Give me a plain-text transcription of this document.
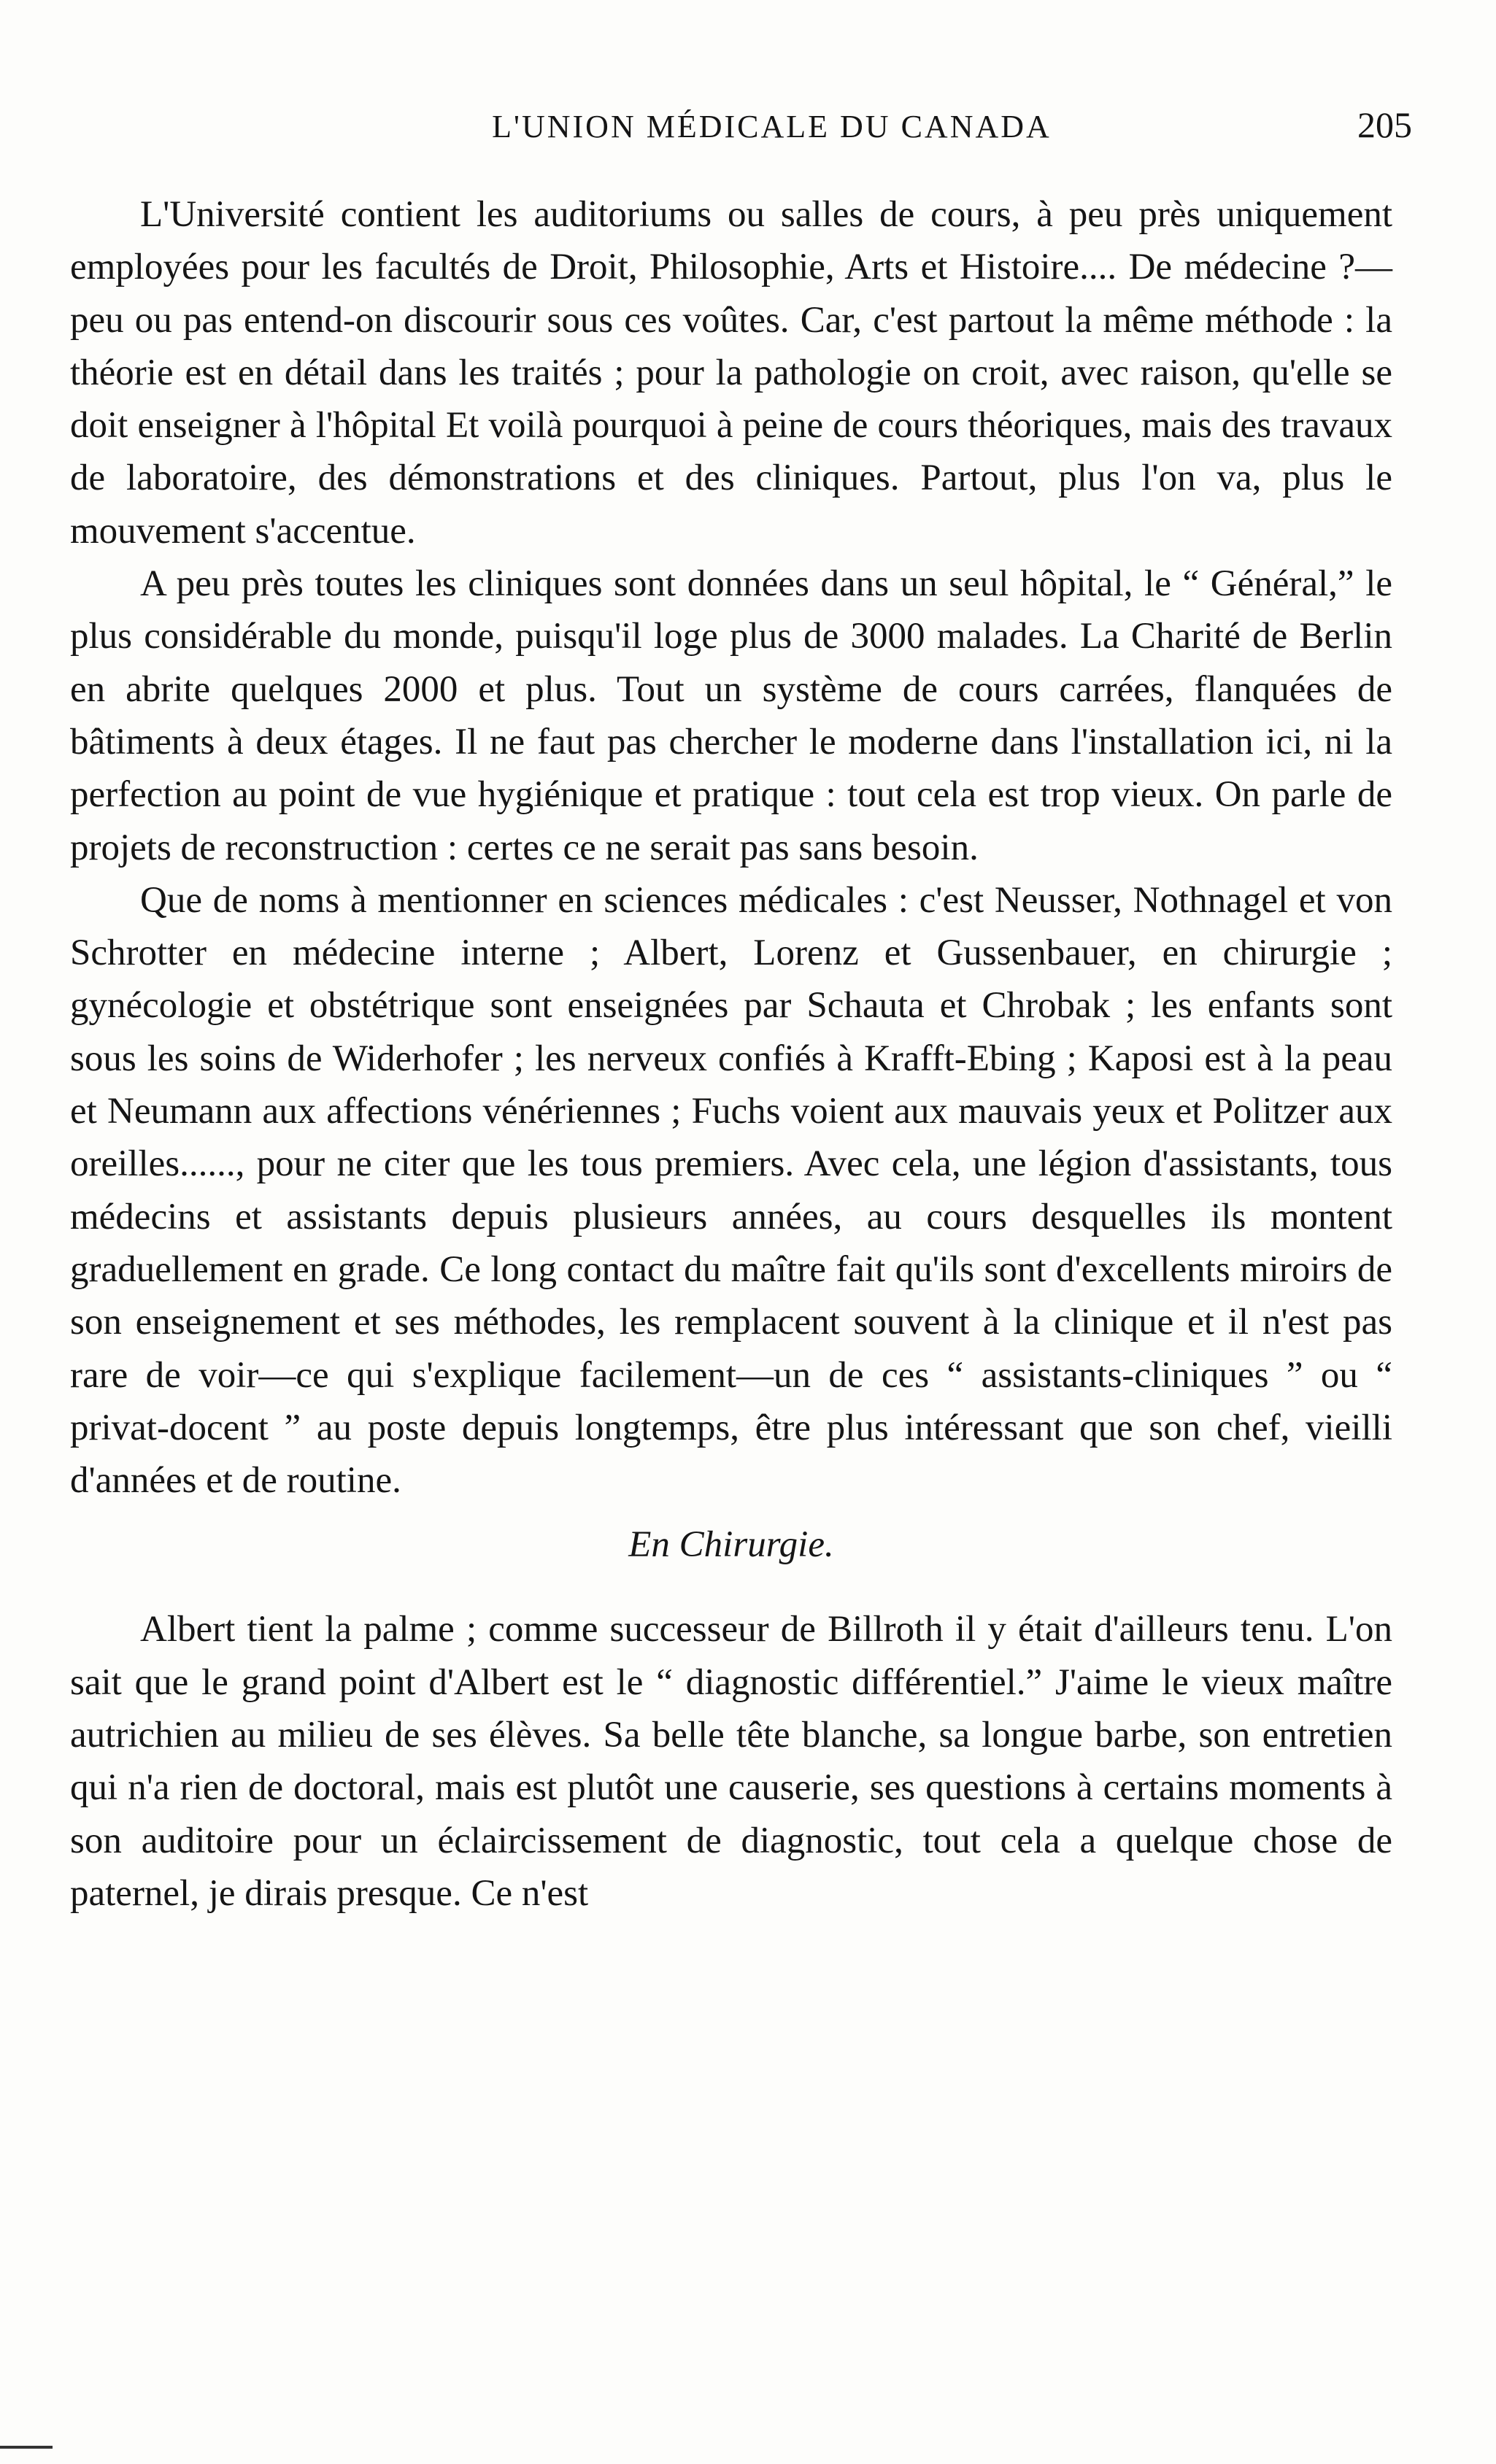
L'UNION MÉDICALE DU CANADA	205

L'Université contient les auditoriums ou salles de cours, à peu près uniquement employées pour les facultés de Droit, Philosophie, Arts et Histoire.... De médecine ?—peu ou pas entend-on discourir sous ces voûtes. Car, c'est partout la même méthode : la théorie est en détail dans les traités ; pour la pathologie on croit, avec raison, qu'elle se doit enseigner à l'hôpital Et voilà pourquoi à peine de cours théoriques, mais des travaux de laboratoire, des démonstrations et des cliniques. Partout, plus l'on va, plus le mouvement s'accentue.

A peu près toutes les cliniques sont données dans un seul hôpital, le “ Général,” le plus considérable du monde, puisqu'il loge plus de 3000 malades. La Charité de Berlin en abrite quelques 2000 et plus. Tout un système de cours carrées, flanquées de bâtiments à deux étages. Il ne faut pas chercher le moderne dans l'installation ici, ni la perfection au point de vue hygiénique et pratique : tout cela est trop vieux. On parle de projets de reconstruction : certes ce ne serait pas sans besoin.

Que de noms à mentionner en sciences médicales : c'est Neusser, Nothnagel et von Schrotter en médecine interne ; Albert, Lorenz et Gussenbauer, en chirurgie ; gynécologie et obstétrique sont enseignées par Schauta et Chrobak ; les enfants sont sous les soins de Widerhofer ; les nerveux confiés à Krafft-Ebing ; Kaposi est à la peau et Neumann aux affections vénériennes ; Fuchs voient aux mauvais yeux et Politzer aux oreilles......, pour ne citer que les tous premiers. Avec cela, une légion d'assistants, tous médecins et assistants depuis plusieurs années, au cours desquelles ils montent graduellement en grade. Ce long contact du maître fait qu'ils sont d'excellents miroirs de son enseignement et ses méthodes, les remplacent souvent à la clinique et il n'est pas rare de voir—ce qui s'explique facilement—un de ces “ assistants-cliniques ” ou “ privat-docent ” au poste depuis longtemps, être plus intéressant que son chef, vieilli d'années et de routine.

En Chirurgie.

Albert tient la palme ; comme successeur de Billroth il y était d'ailleurs tenu. L'on sait que le grand point d'Albert est le “ diagnostic différentiel.” J'aime le vieux maître autrichien au milieu de ses élèves. Sa belle tête blanche, sa longue barbe, son entretien qui n'a rien de doctoral, mais est plutôt une causerie, ses questions à certains moments à son auditoire pour un éclaircissement de diagnostic, tout cela a quelque chose de paternel, je dirais presque. Ce n'est
